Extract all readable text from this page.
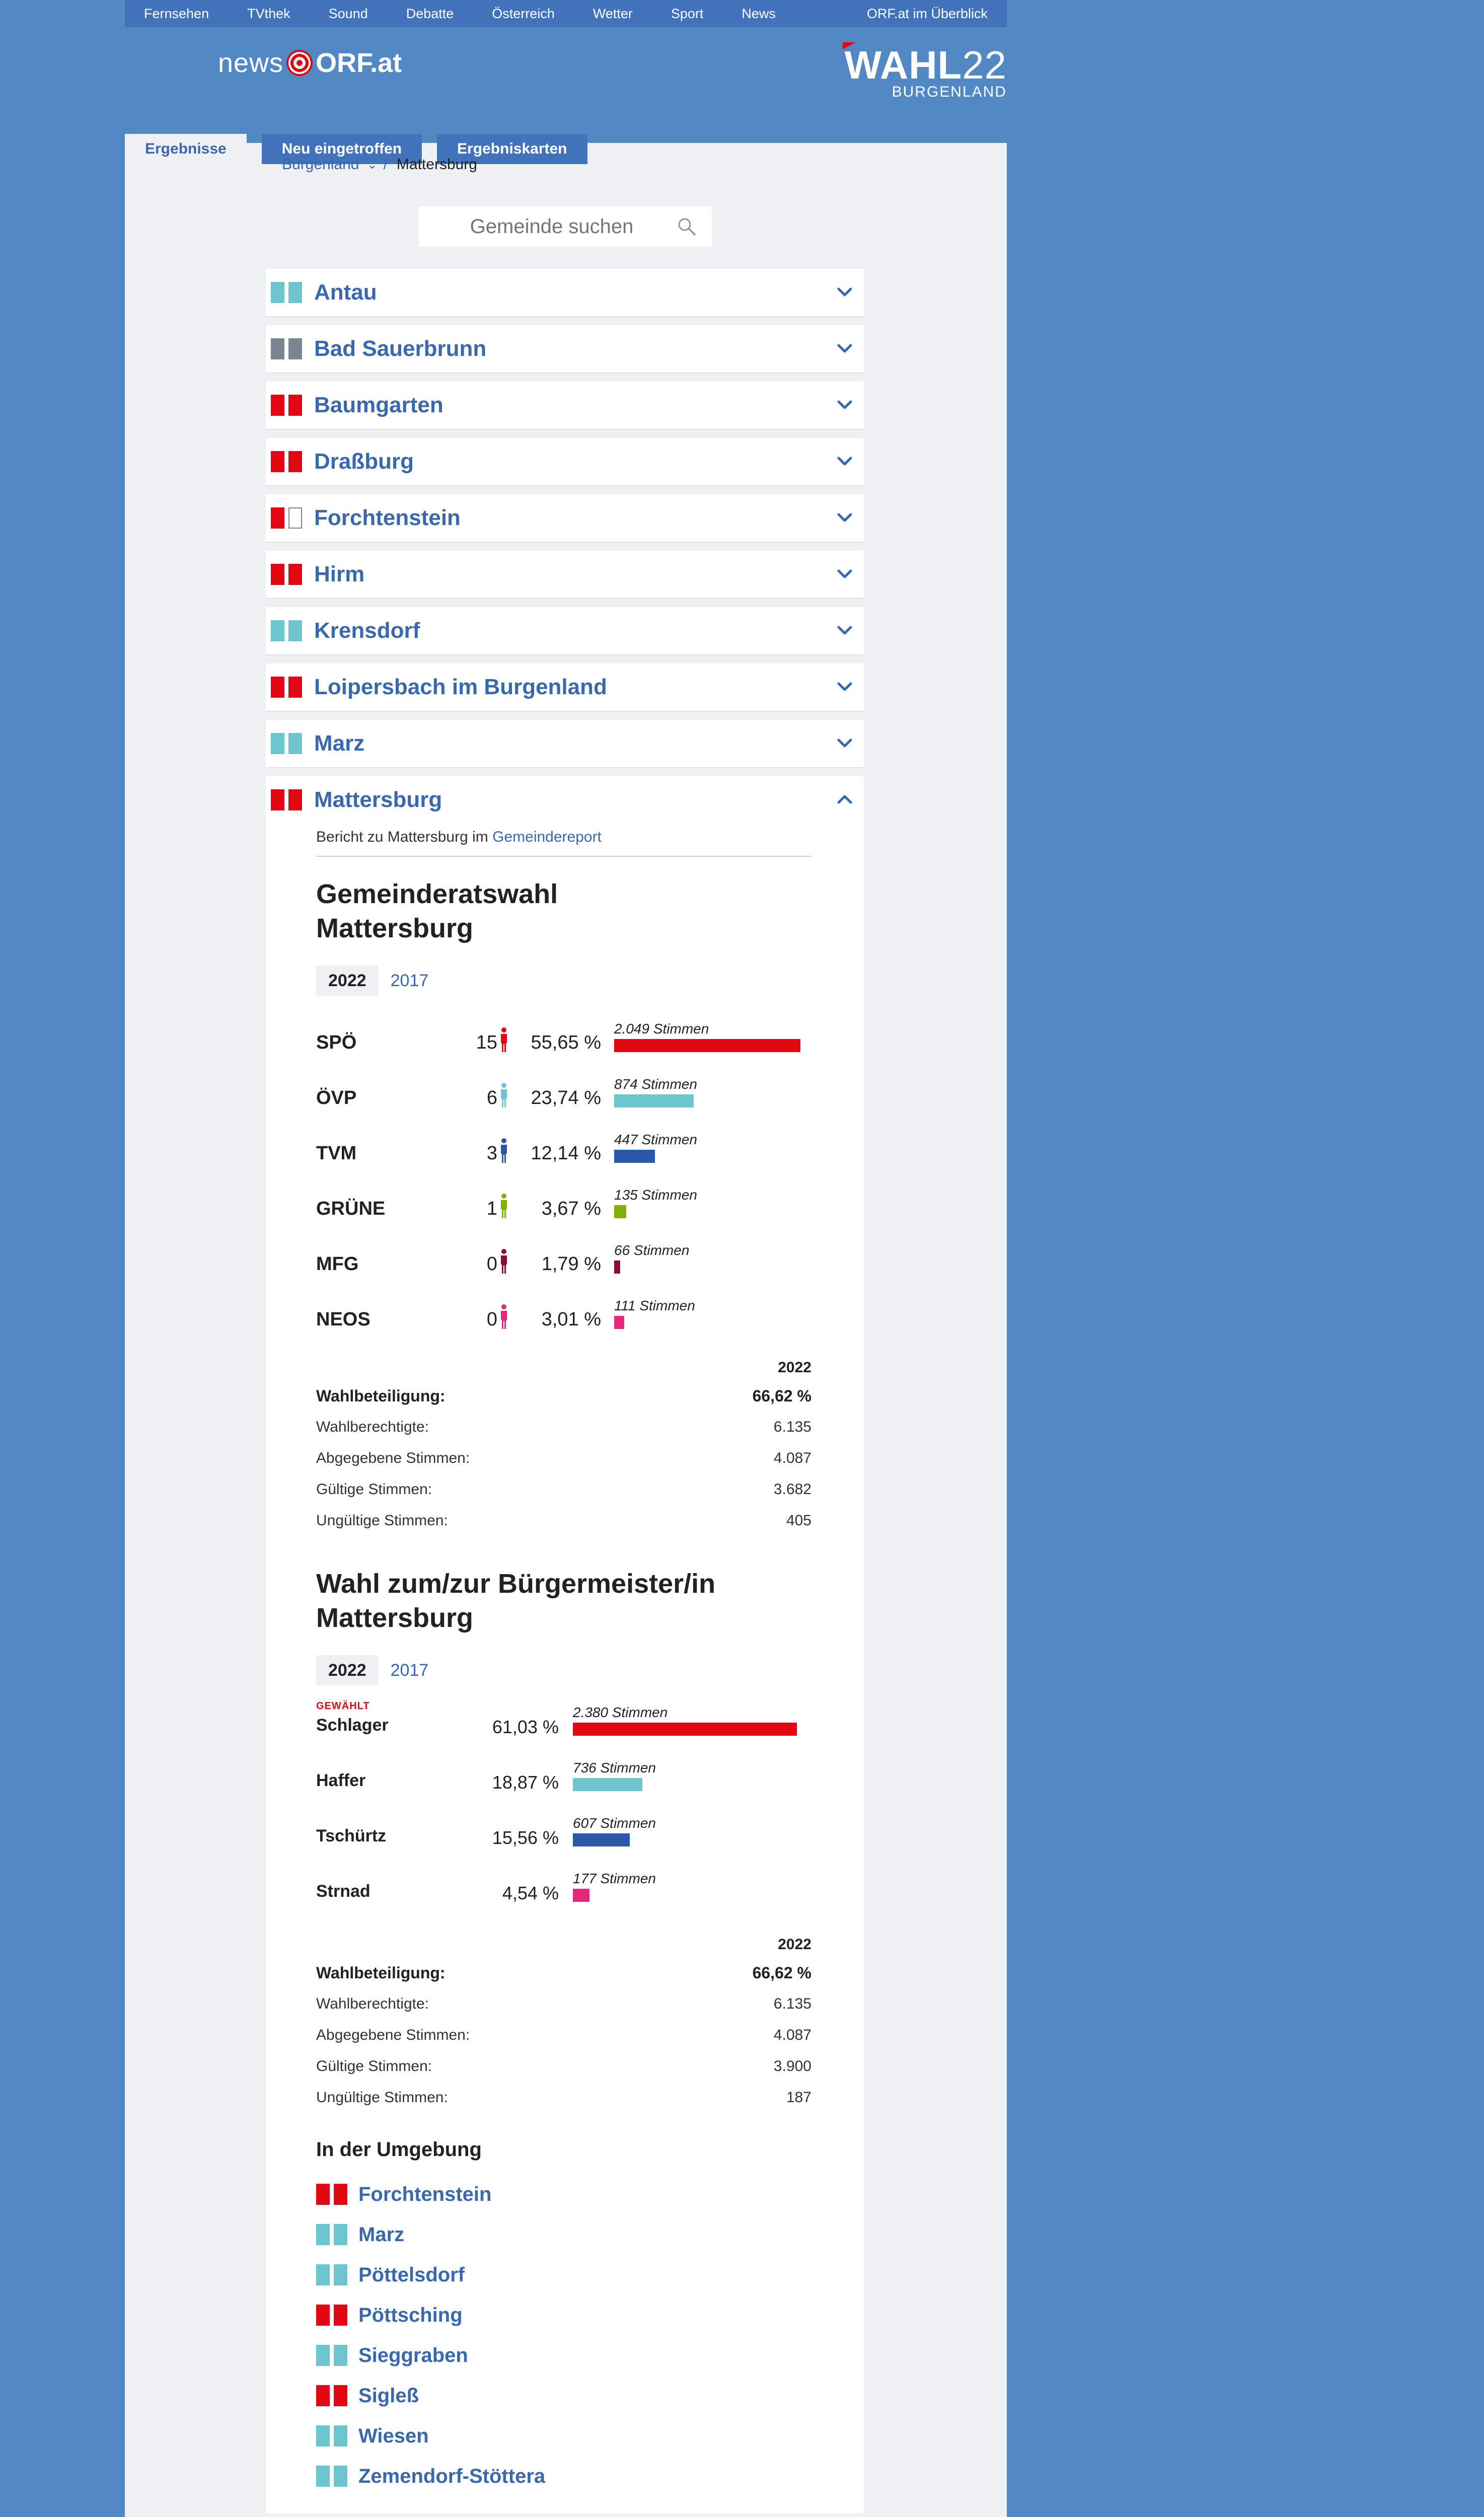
Fernsehen	TVthek	Sound	Debatte	Österreich	Wetter	Sport	News	ORF.at im Überblick
news ORF.at	WAHL22
BURGENLAND
Ergebnisse	Neu eingetroffen	Ergebniskarten
Burgenland ⌄ / Mattersburg
Gemeinde suchen
Antau
Bad Sauerbrunn
Baumgarten
Draßburg
Forchtenstein
Hirm
Krensdorf
Loipersbach im Burgenland
Marz
Mattersburg
Bericht zu Mattersburg im Gemeindereport
Gemeinderatswahl
Mattersburg
2022	2017
SPÖ	15	55,65 %
2.049 Stimmen
ÖVP	6	23,74 %
874 Stimmen
TVM	3	12,14 %
447 Stimmen
GRÜNE	1	3,67 %
135 Stimmen
MFG	0	1,79 %
66 Stimmen
NEOS	0	3,01 %
111 Stimmen
2022
Wahlbeteiligung:	66,62 %
Wahlberechtigte:	6.135
Abgegebene Stimmen:	4.087
Gültige Stimmen:	3.682
Ungültige Stimmen:	405
Wahl zum/zur Bürgermeister/in
Mattersburg
2022	2017
GEWÄHLT
Schlager	61,03 %
2.380 Stimmen
Haffer	18,87 %
736 Stimmen
Tschürtz	15,56 %
607 Stimmen
Strnad	4,54 %
177 Stimmen
2022
Wahlbeteiligung:	66,62 %
Wahlberechtigte:	6.135
Abgegebene Stimmen:	4.087
Gültige Stimmen:	3.900
Ungültige Stimmen:	187
In der Umgebung
Forchtenstein
Marz
Pöttelsdorf
Pöttsching
Sieggraben
Sigleß
Wiesen
Zemendorf-Stöttera
